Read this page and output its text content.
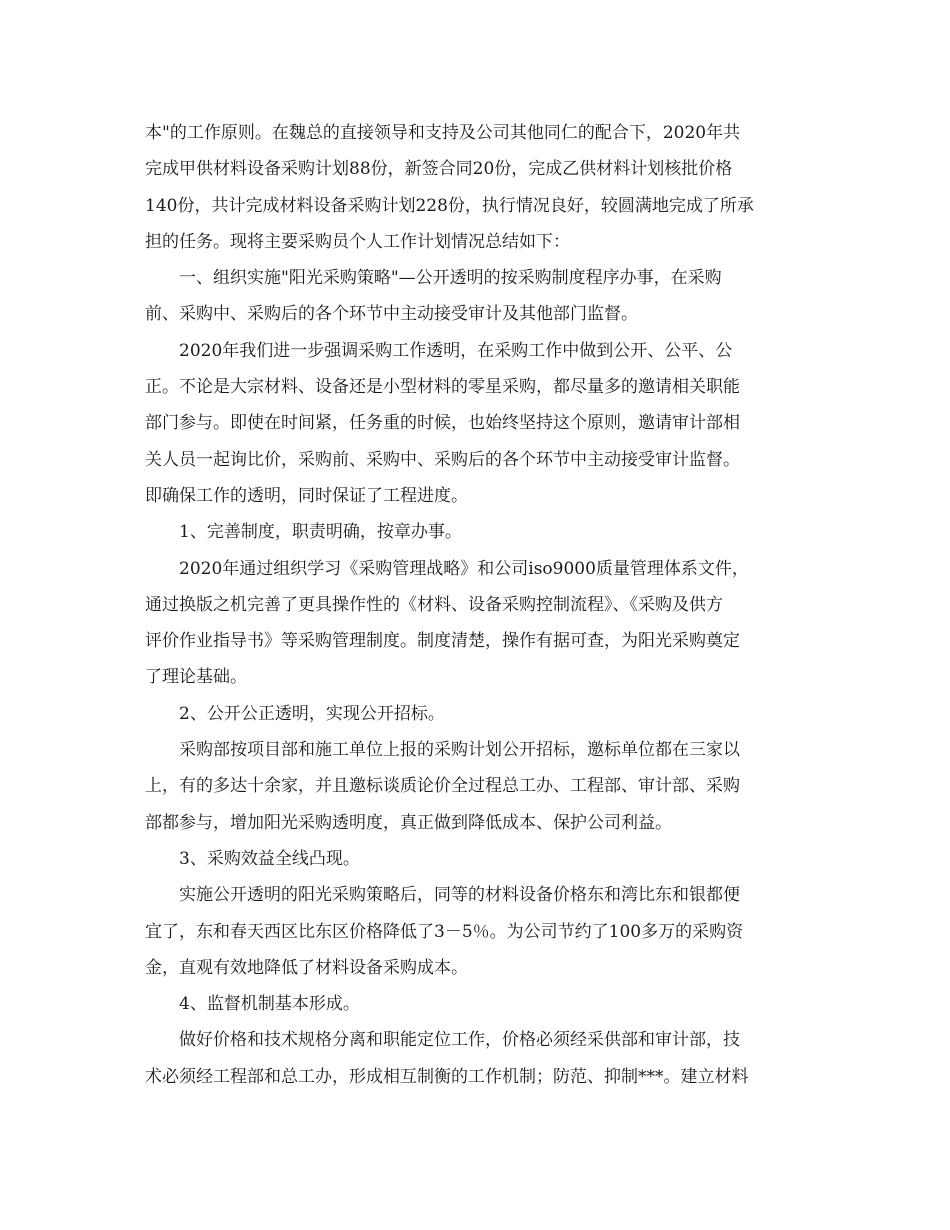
本"的工作原则。在魏总的直接领导和支持及公司其他同仁的配合下，2020年共
完成甲供材料设备采购计划88份，新签合同20份，完成乙供材料计划核批价格
140份，共计完成材料设备采购计划228份，执行情况良好，较圆满地完成了所承
担的任务。现将主要采购员个人工作计划情况总结如下：
一、组织实施"阳光采购策略"—公开透明的按采购制度程序办事，在采购
前、采购中、采购后的各个环节中主动接受审计及其他部门监督。
2020年我们进一步强调采购工作透明，在采购工作中做到公开、公平、公
正。不论是大宗材料、设备还是小型材料的零星采购，都尽量多的邀请相关职能
部门参与。即使在时间紧，任务重的时候，也始终坚持这个原则，邀请审计部相
关人员一起询比价，采购前、采购中、采购后的各个环节中主动接受审计监督。
即确保工作的透明，同时保证了工程进度。
1、完善制度，职责明确，按章办事。
2020年通过组织学习《采购管理战略》和公司iso9000质量管理体系文件，
通过换版之机完善了更具操作性的《材料、设备采购控制流程》、《采购及供方
评价作业指导书》等采购管理制度。制度清楚，操作有据可查，为阳光采购奠定
了理论基础。
2、公开公正透明，实现公开招标。
采购部按项目部和施工单位上报的采购计划公开招标，邀标单位都在三家以
上，有的多达十余家，并且邀标谈质论价全过程总工办、工程部、审计部、采购
部都参与，增加阳光采购透明度，真正做到降低成本、保护公司利益。
3、采购效益全线凸现。
实施公开透明的阳光采购策略后，同等的材料设备价格东和湾比东和银都便
宜了，东和春天西区比东区价格降低了3－5％。为公司节约了100多万的采购资
金，直观有效地降低了材料设备采购成本。
4、监督机制基本形成。
做好价格和技术规格分离和职能定位工作，价格必须经采供部和审计部，技
术必须经工程部和总工办，形成相互制衡的工作机制；防范、抑制***。建立材料
